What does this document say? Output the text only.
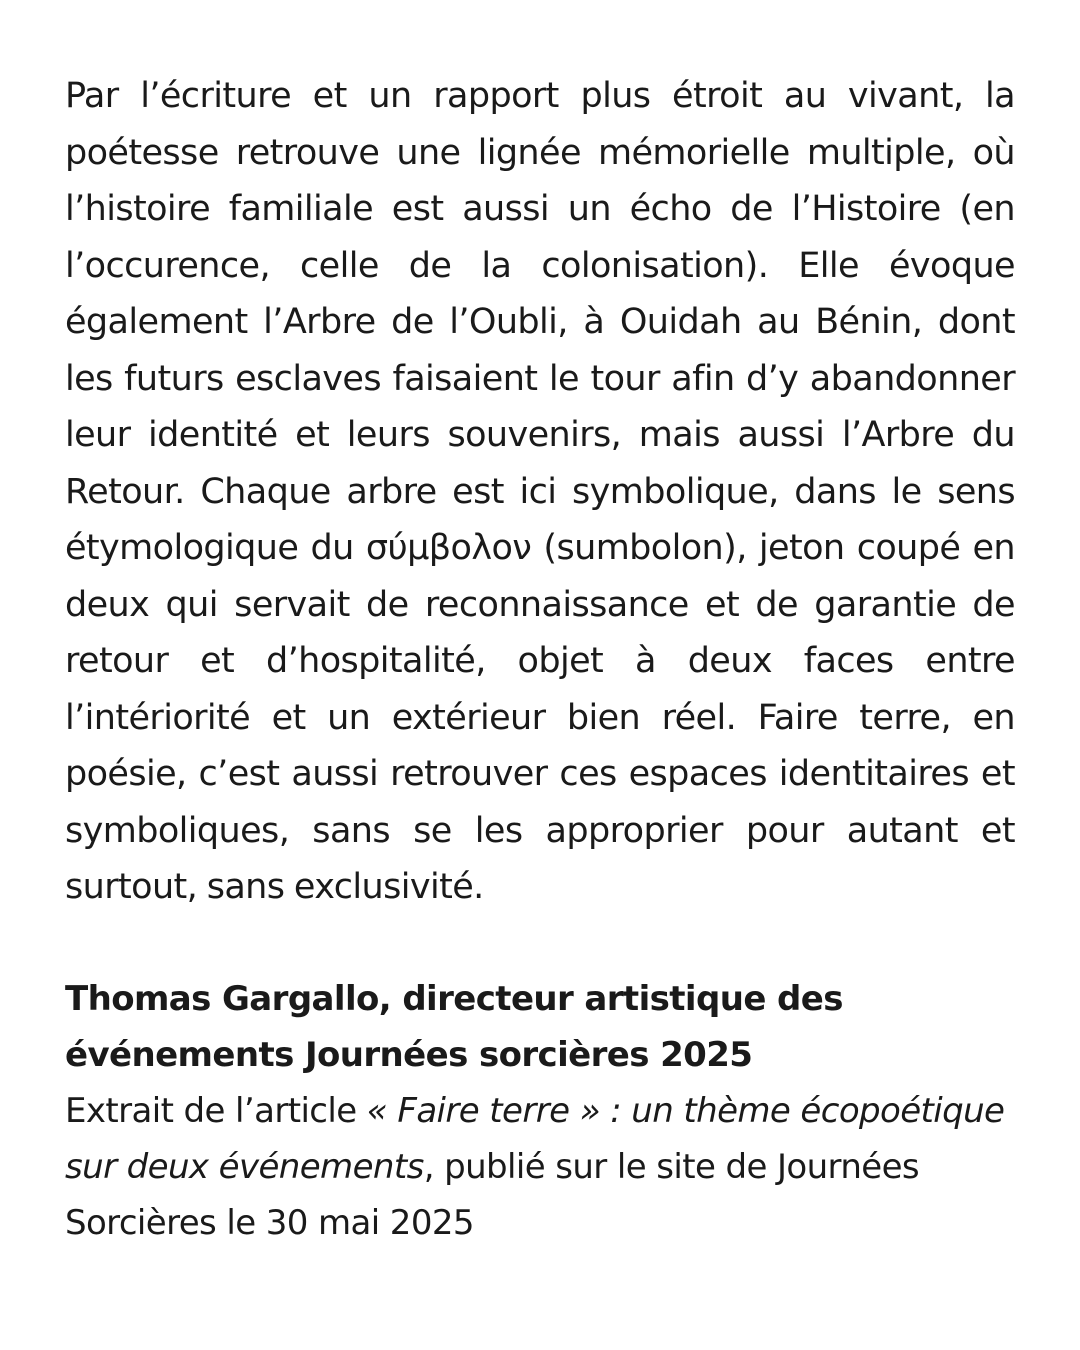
Par l’écriture et un rapport plus étroit au vivant, la poétesse retrouve une lignée mémorielle multiple, où l’histoire familiale est aussi un écho de l’Histoire (en l’occurence, celle de la colonisation). Elle évoque également l’Arbre de l’Oubli, à Ouidah au Bénin, dont les futurs esclaves faisaient le tour afin d’y abandonner leur identité et leurs souvenirs, mais aussi l’Arbre du Retour. Chaque arbre est ici symbolique, dans le sens étymologique du σύμβολον (sumbolon), jeton coupé en deux qui servait de reconnaissance et de garantie de retour et d’hospitalité, objet à deux faces entre l’intériorité et un extérieur bien réel. Faire terre, en poésie, c’est aussi retrouver ces espaces identitaires et symboliques, sans se les approprier pour autant et surtout, sans exclusivité.

Thomas Gargallo, directeur artistique des événements Journées sorcières 2025

Extrait de l’article « Faire terre » : un thème écopoétique sur deux événements, publié sur le site de Journées Sorcières le 30 mai 2025
